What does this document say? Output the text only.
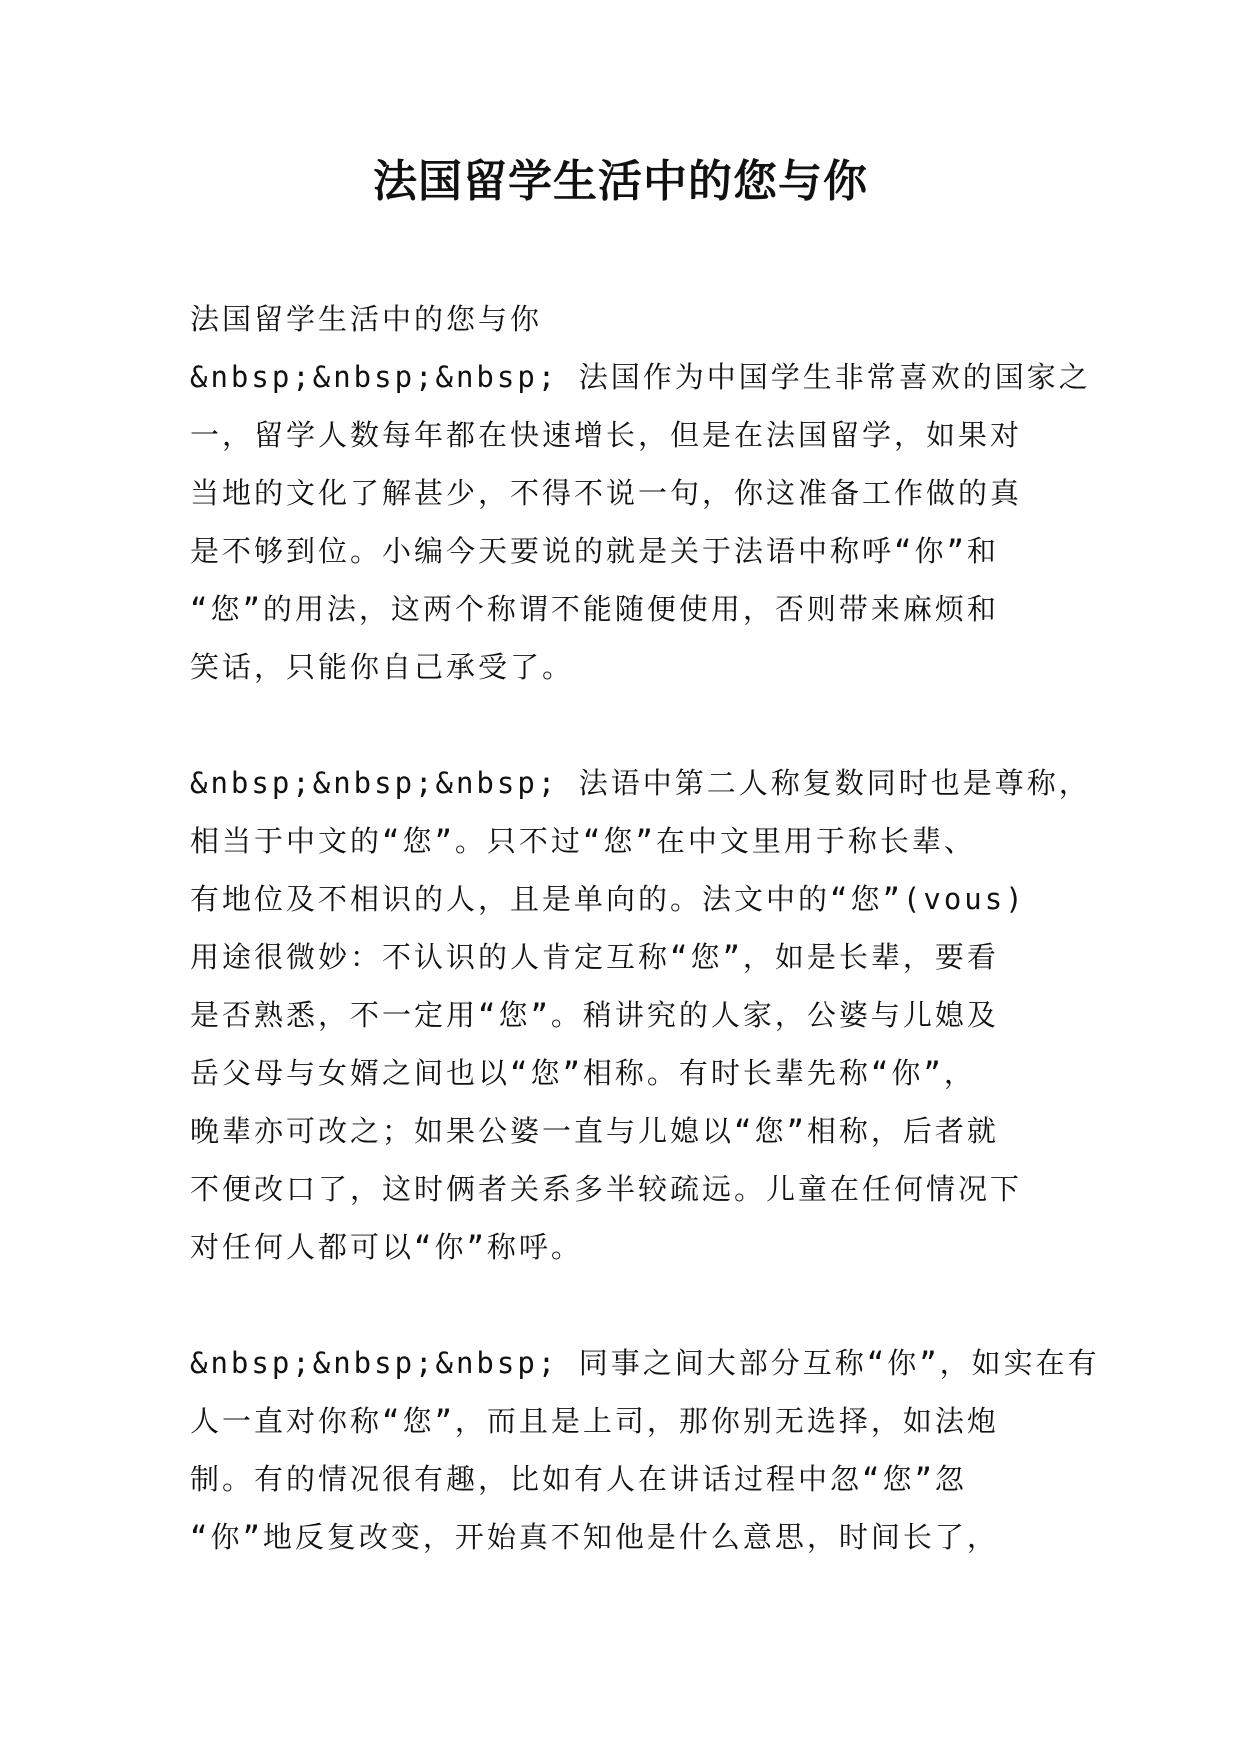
法国留学生活中的您与你
法国留学生活中的您与你
&nbsp;&nbsp;&nbsp; 法国作为中国学生非常喜欢的国家之
一，留学人数每年都在快速增长，但是在法国留学，如果对
当地的文化了解甚少，不得不说一句，你这准备工作做的真
是不够到位。小编今天要说的就是关于法语中称呼“你”和
“您”的用法，这两个称谓不能随便使用，否则带来麻烦和
笑话，只能你自己承受了。
&nbsp;&nbsp;&nbsp; 法语中第二人称复数同时也是尊称，
相当于中文的“您”。只不过“您”在中文里用于称长辈、
有地位及不相识的人，且是单向的。法文中的“您”(vous)
用途很微妙：不认识的人肯定互称“您”，如是长辈，要看
是否熟悉，不一定用“您”。稍讲究的人家，公婆与儿媳及
岳父母与女婿之间也以“您”相称。有时长辈先称“你”，
晚辈亦可改之；如果公婆一直与儿媳以“您”相称，后者就
不便改口了，这时俩者关系多半较疏远。儿童在任何情况下
对任何人都可以“你”称呼。
&nbsp;&nbsp;&nbsp; 同事之间大部分互称“你”，如实在有
人一直对你称“您”，而且是上司，那你别无选择，如法炮
制。有的情况很有趣，比如有人在讲话过程中忽“您”忽
“你”地反复改变，开始真不知他是什么意思，时间长了，
